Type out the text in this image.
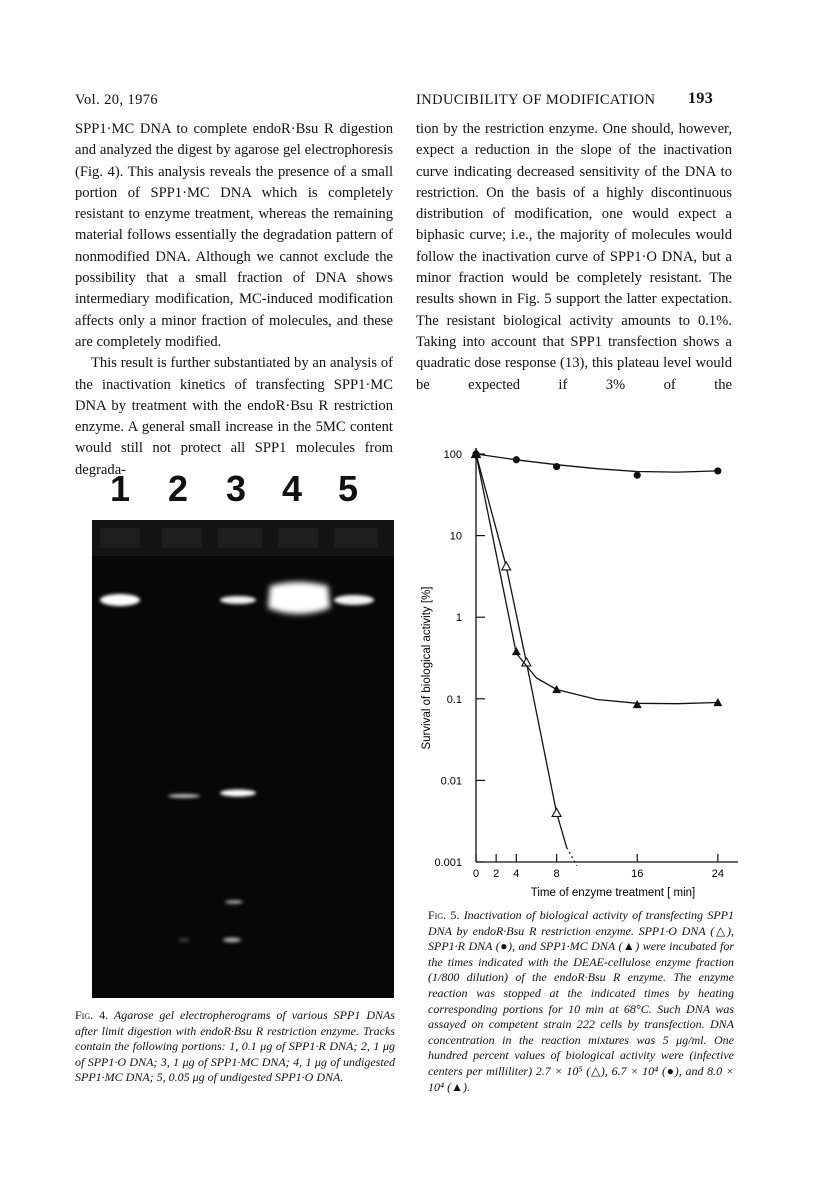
Vol. 20, 1976	INDUCIBILITY OF MODIFICATION 193

SPP1·MC DNA to complete endoR·Bsu R digestion and analyzed the digest by agarose gel electrophoresis (Fig. 4). This analysis reveals the presence of a small portion of SPP1·MC DNA which is completely resistant to enzyme treatment, whereas the remaining material follows essentially the degradation pattern of nonmodified DNA. Although we cannot exclude the possibility that a small fraction of DNA shows intermediary modification, MC-induced modification affects only a minor fraction of molecules, and these are completely modified.

This result is further substantiated by an analysis of the inactivation kinetics of transfecting SPP1·MC DNA by treatment with the endoR·Bsu R restriction enzyme. A general small increase in the 5MC content would still not protect all SPP1 molecules from degrada-

tion by the restriction enzyme. One should, however, expect a reduction in the slope of the inactivation curve indicating decreased sensitivity of the DNA to restriction. On the basis of a highly discontinuous distribution of modification, one would expect a biphasic curve; i.e., the majority of molecules would follow the inactivation curve of SPP1·O DNA, but a minor fraction would be completely resistant. The results shown in Fig. 5 support the latter expectation. The resistant biological activity amounts to 0.1%. Taking into account that SPP1 transfection shows a quadratic dose response (13), this plateau level would be expected if 3% of the

1 2 3 4 5
Fig. 4. Agarose gel electropherograms of various SPP1 DNAs after limit digestion with endoR·Bsu R restriction enzyme. Tracks contain the following portions: 1, 0.1 μg of SPP1·R DNA; 2, 1 μg of SPP1·O DNA; 3, 1 μg of SPP1·MC DNA; 4, 1 μg of undigested SPP1·MC DNA; 5, 0.05 μg of undigested SPP1·O DNA.
0.001
0.01
0.1
1
10
100
0 2 4	8	16	24
Time of enzyme treatment [ min]
Survival of biological activity [%]
Fig. 5. Inactivation of biological activity of transfecting SPP1 DNA by endoR·Bsu R restriction enzyme. SPP1·O DNA (△), SPP1·R DNA (●), and SPP1·MC DNA (▲) were incubated for the times indicated with the DEAE-cellulose enzyme fraction (1/800 dilution) of the endoR·Bsu R enzyme. The enzyme reaction was stopped at the indicated times by heating corresponding portions for 10 min at 68°C. Such DNA was assayed on competent strain 222 cells by transfection. DNA concentration in the reaction mixtures was 5 μg/ml. One hundred percent values of biological activity were (infective centers per milliliter) 2.7 × 10⁵ (△), 6.7 × 10⁴ (●), and 8.0 × 10⁴ (▲).
